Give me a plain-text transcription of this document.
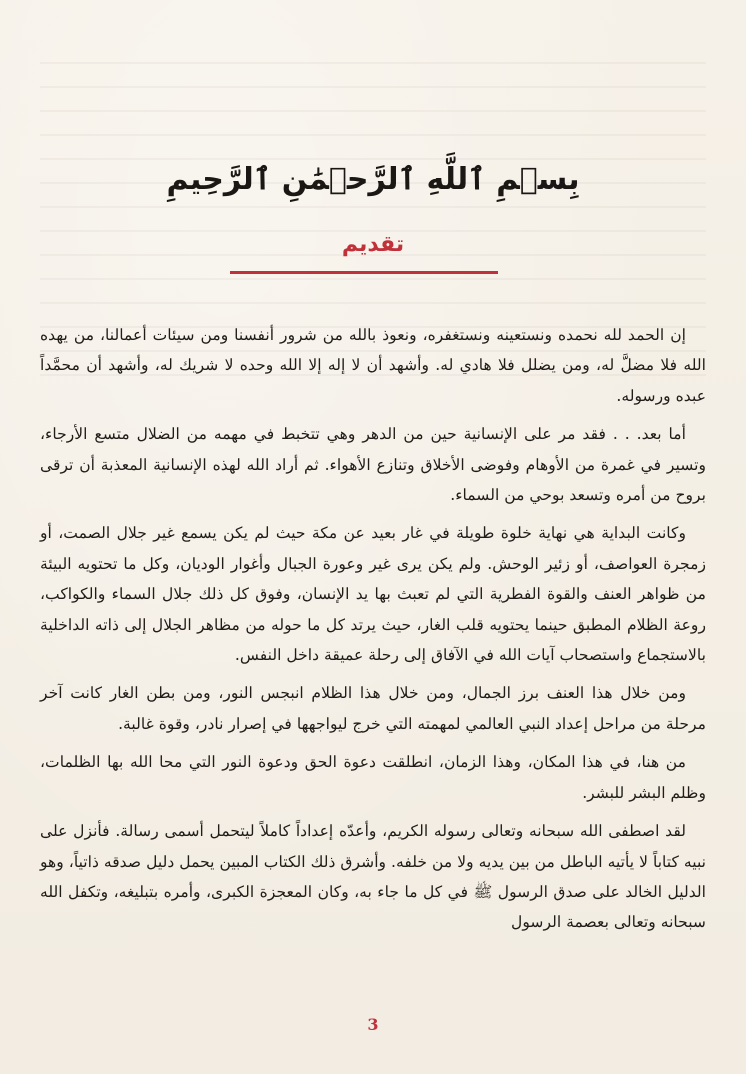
بِسۡمِ ٱللَّهِ ٱلرَّحۡمَٰنِ ٱلرَّحِيمِ
تقديم

إن الحمد لله نحمده ونستعينه ونستغفره، ونعوذ بالله من شرور أنفسنا ومن سيئات أعمالنا، من يهده الله فلا مضلَّ له، ومن يضلل فلا هادي له. وأشهد أن لا إله إلا الله وحده لا شريك له، وأشهد أن محمَّداً عبده ورسوله.

أما بعد. . . فقد مر على الإنسانية حين من الدهر وهي تتخبط في مهمه من الضلال متسع الأرجاء، وتسير في غمرة من الأوهام وفوضى الأخلاق وتنازع الأهواء. ثم أراد الله لهذه الإنسانية المعذبة أن ترقى بروح من أمره وتسعد بوحي من السماء.

وكانت البداية هي نهاية خلوة طويلة في غار بعيد عن مكة حيث لم يكن يسمع غير جلال الصمت، أو زمجرة العواصف، أو زئير الوحش. ولم يكن يرى غير وعورة الجبال وأغوار الوديان، وكل ما تحتويه البيئة من ظواهر العنف والقوة الفطرية التي لم تعبث بها يد الإنسان، وفوق كل ذلك جلال السماء والكواكب، روعة الظلام المطبق حينما يحتويه قلب الغار، حيث يرتد كل ما حوله من مظاهر الجلال إلى ذاته الداخلية بالاستجماع واستصحاب آيات الله في الآفاق إلى رحلة عميقة داخل النفس.

ومن خلال هذا العنف برز الجمال، ومن خلال هذا الظلام انبجس النور، ومن بطن الغار كانت آخر مرحلة من مراحل إعداد النبي العالمي لمهمته التي خرج ليواجهها في إصرار نادر، وقوة غالبة.

من هنا، في هذا المكان، وهذا الزمان، انطلقت دعوة الحق ودعوة النور التي محا الله بها الظلمات، وظلم البشر للبشر.

لقد اصطفى الله سبحانه وتعالى رسوله الكريم، وأعدّه إعداداً كاملاً ليتحمل أسمى رسالة. فأنزل على نبيه كتاباً لا يأتيه الباطل من بين يديه ولا من خلفه. وأشرق ذلك الكتاب المبين يحمل دليل صدقه ذاتياً، وهو الدليل الخالد على صدق الرسول ﷺ في كل ما جاء به، وكان المعجزة الكبرى، وأمره بتبليغه، وتكفل الله سبحانه وتعالى بعصمة الرسول

3
